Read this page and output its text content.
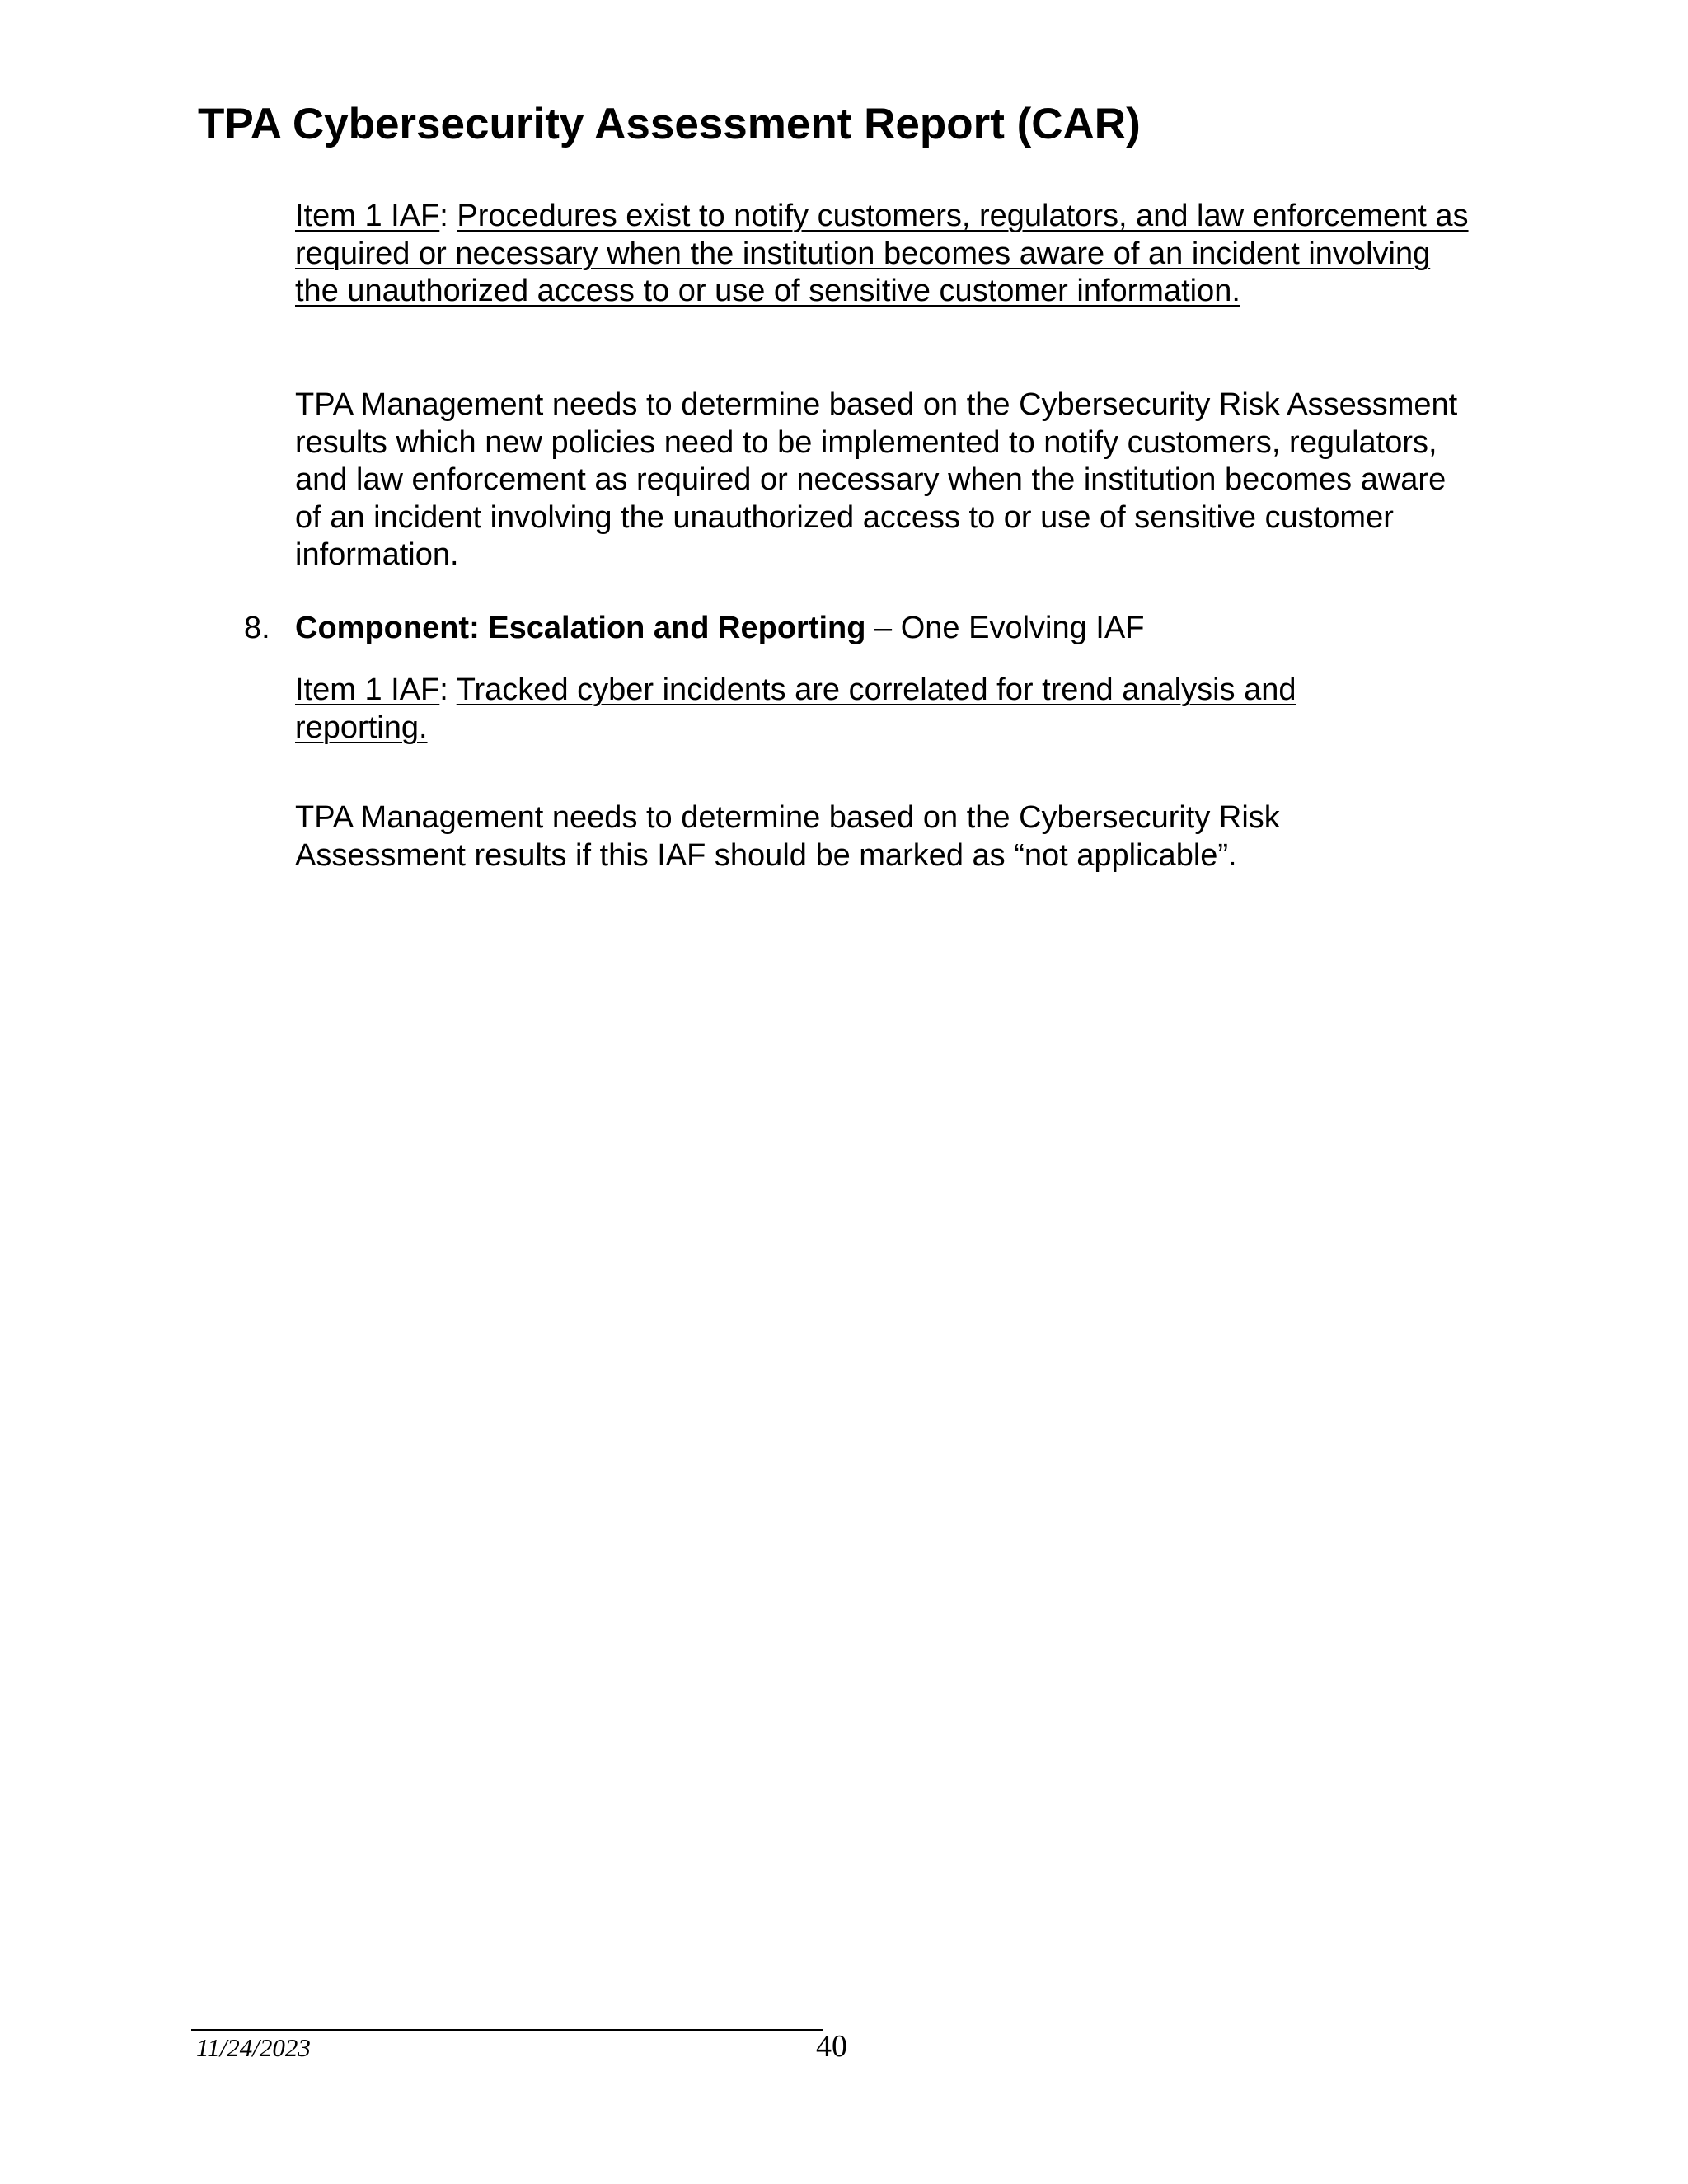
TPA Cybersecurity Assessment Report (CAR)
Item 1 IAF: Procedures exist to notify customers, regulators, and law enforcement as required or necessary when the institution becomes aware of an incident involving the unauthorized access to or use of sensitive customer information.
TPA Management needs to determine based on the Cybersecurity Risk Assessment results which new policies need to be implemented to notify customers, regulators, and law enforcement as required or necessary when the institution becomes aware of an incident involving the unauthorized access to or use of sensitive customer information.
8. Component: Escalation and Reporting – One Evolving IAF
Item 1 IAF: Tracked cyber incidents are correlated for trend analysis and reporting.
TPA Management needs to determine based on the Cybersecurity Risk Assessment results if this IAF should be marked as “not applicable”.
11/24/2023	40
